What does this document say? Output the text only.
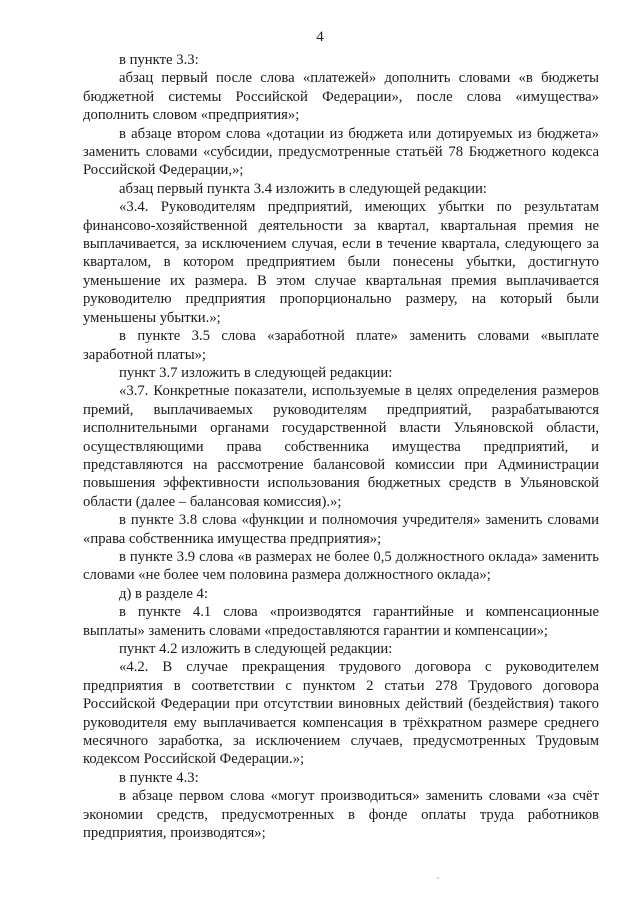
4

в пункте 3.3:

абзац первый после слова «платежей» дополнить словами «в бюджеты бюджетной системы Российской Федерации», после слова «имущества» дополнить словом «предприятия»;

в абзаце втором слова «дотации из бюджета или дотируемых из бюджета» заменить словами «субсидии, предусмотренные статьёй 78 Бюджетного кодекса Российской Федерации,»;

абзац первый пункта 3.4 изложить в следующей редакции:

«3.4. Руководителям предприятий, имеющих убытки по результатам финансово-хозяйственной деятельности за квартал, квартальная премия не выплачивается, за исключением случая, если в течение квартала, следующего за кварталом, в котором предприятием были понесены убытки, достигнуто уменьшение их размера. В этом случае квартальная премия выплачивается руководителю предприятия пропорционально размеру, на который были уменьшены убытки.»;

в пункте 3.5 слова «заработной плате» заменить словами «выплате заработной платы»;

пункт 3.7 изложить в следующей редакции:

«3.7. Конкретные показатели, используемые в целях определения размеров премий, выплачиваемых руководителям предприятий, разрабатываются исполнительными органами государственной власти Ульяновской области, осуществляющими права собственника имущества предприятий, и представляются на рассмотрение балансовой комиссии при Администрации повышения эффективности использования бюджетных средств в Ульяновской области (далее – балансовая комиссия).»;

в пункте 3.8 слова «функции и полномочия учредителя» заменить словами «права собственника имущества предприятия»;

в пункте 3.9 слова «в размерах не более 0,5 должностного оклада» заменить словами «не более чем половина размера должностного оклада»;

д) в разделе 4:

в пункте 4.1 слова «производятся гарантийные и компенсационные выплаты» заменить словами «предоставляются гарантии и компенсации»;

пункт 4.2 изложить в следующей редакции:

«4.2. В случае прекращения трудового договора с руководителем предприятия в соответствии с пунктом 2 статьи 278 Трудового договора Российской Федерации при отсутствии виновных действий (бездействия) такого руководителя ему выплачивается компенсация в трёхкратном размере среднего месячного заработка, за исключением случаев, предусмотренных Трудовым кодексом Российской Федерации.»;

в пункте 4.3:

в абзаце первом слова «могут производиться» заменить словами «за счёт экономии средств, предусмотренных в фонде оплаты труда работников предприятия, производятся»;
